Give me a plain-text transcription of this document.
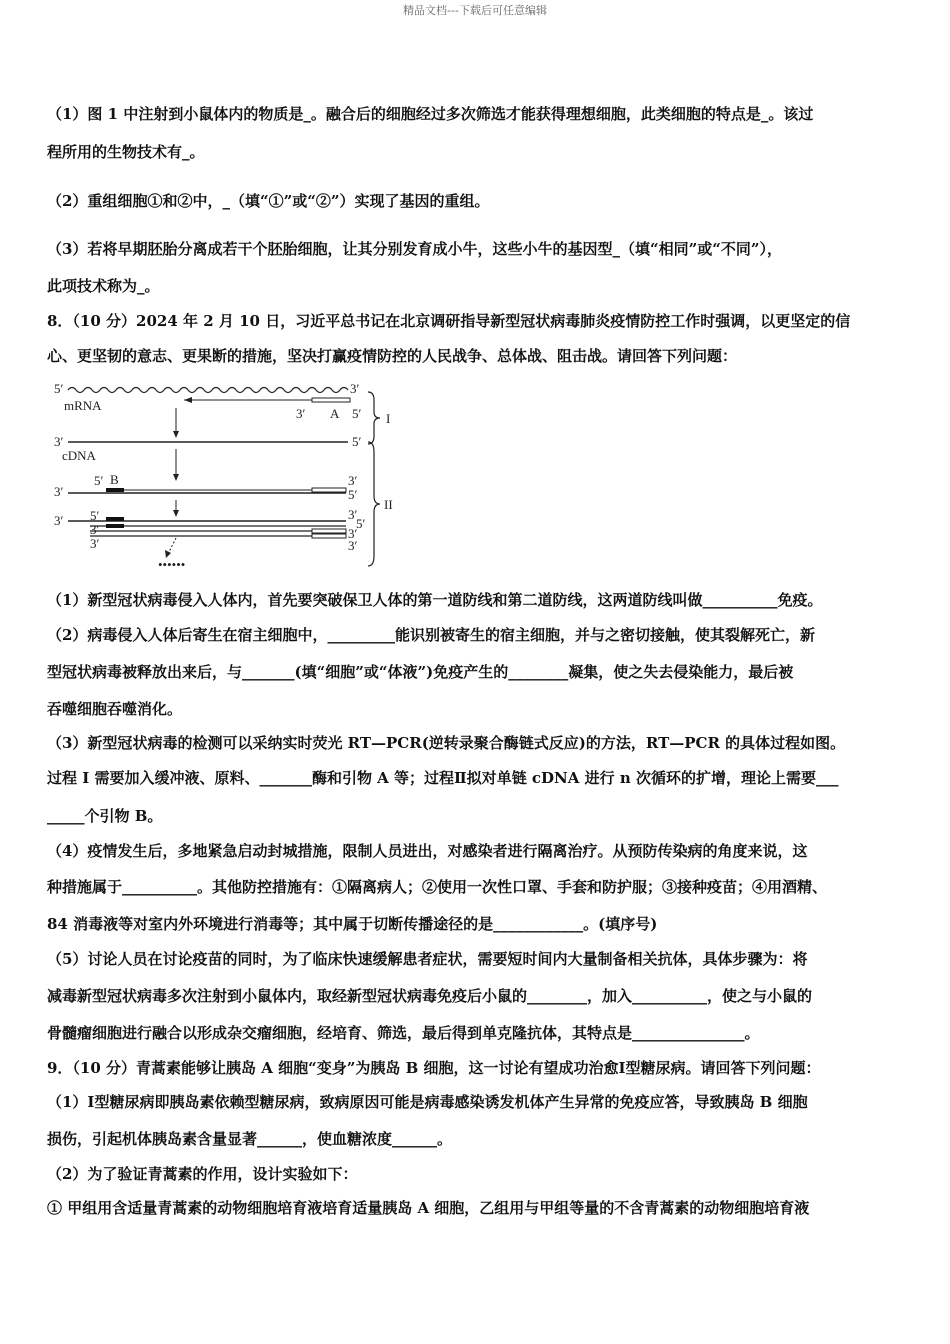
精品文档---下载后可任意编辑
（1）图 1 中注射到小鼠体内的物质是_。融合后的细胞经过多次筛选才能获得理想细胞，此类细胞的特点是_。该过
程所用的生物技术有_。
（2）重组细胞①和②中，_（填“①”或“②”）实现了基因的重组。
（3）若将早期胚胎分离成若干个胚胎细胞，让其分别发育成小牛，这些小牛的基因型_（填“相同”或“不同”），
此项技术称为_。
8．（10 分）2024 年 2 月 10 日，习近平总书记在北京调研指导新型冠状病毒肺炎疫情防控工作时强调，以更坚定的信
心、更坚韧的意志、更果断的措施，坚决打赢疫情防控的人民战争、总体战、阻击战。请回答下列问题：
5′	3′
mRNA
3′ A 5′
3′	5′
cDNA
5′ B
3′
3′
5′
3′ 5′
3′
3′
3′
5′
3′
3′
••••••
I
II
（1）新型冠状病毒侵入人体内，首先要突破保卫人体的第一道防线和第二道防线，这两道防线叫做__________免疫。
（2）病毒侵入人体后寄生在宿主细胞中，_________能识别被寄生的宿主细胞，并与之密切接触，使其裂解死亡，新
型冠状病毒被释放出来后，与_______(填“细胞”或“体液”)免疫产生的________凝集，使之失去侵染能力，最后被
吞噬细胞吞噬消化。
（3）新型冠状病毒的检测可以采纳实时荧光 RT—PCR(逆转录聚合酶链式反应)的方法，RT—PCR 的具体过程如图。
过程 I 需要加入缓冲液、原料、_______酶和引物 A 等；过程Ⅱ拟对单链 cDNA 进行 n 次循环的扩增，理论上需要___
_____个引物 B。
（4）疫情发生后，多地紧急启动封城措施，限制人员进出，对感染者进行隔离治疗。从预防传染病的角度来说，这
种措施属于__________。其他防控措施有：①隔离病人；②使用一次性口罩、手套和防护服；③接种疫苗；④用酒精、
84 消毒液等对室内外环境进行消毒等；其中属于切断传播途径的是____________。(填序号)
（5）讨论人员在讨论疫苗的同时，为了临床快速缓解患者症状，需要短时间内大量制备相关抗体，具体步骤为：将
减毒新型冠状病毒多次注射到小鼠体内，取经新型冠状病毒免疫后小鼠的________，加入__________，使之与小鼠的
骨髓瘤细胞进行融合以形成杂交瘤细胞，经培育、筛选，最后得到单克隆抗体，其特点是_______________。
9．（10 分）青蒿素能够让胰岛 A 细胞“变身”为胰岛 B 细胞，这一讨论有望成功治愈Ⅰ型糖尿病。请回答下列问题：
（1）Ⅰ型糖尿病即胰岛素依赖型糖尿病，致病原因可能是病毒感染诱发机体产生异常的免疫应答，导致胰岛 B 细胞
损伤，引起机体胰岛素含量显著______，使血糖浓度______。
（2）为了验证青蒿素的作用，设计实验如下：
① 甲组用含适量青蒿素的动物细胞培育液培育适量胰岛 A 细胞，乙组用与甲组等量的不含青蒿素的动物细胞培育液
